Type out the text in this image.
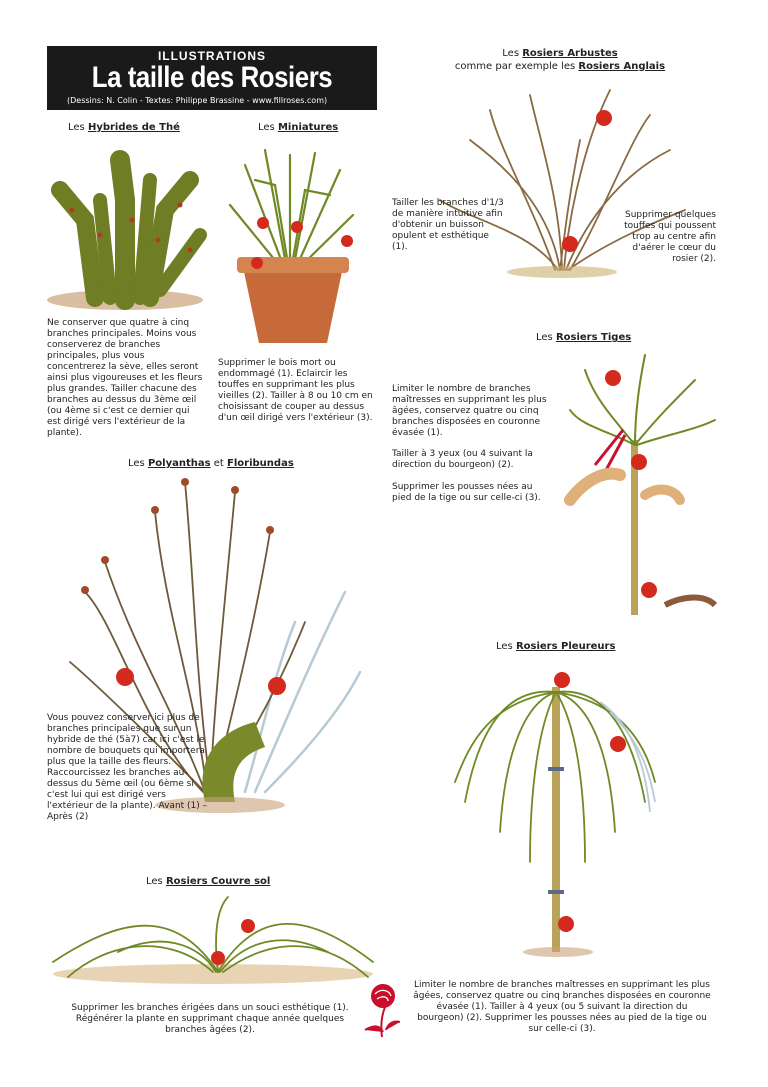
ILLUSTRATIONS
La taille des Rosiers
(Dessins: N. Colin - Textes: Philippe Brassine - www.fillroses.com)
Les Hybrides de Thé
Ne conserver que quatre à cinq branches principales. Moins vous conserverez de branches principales, plus vous concentrerez la sève, elles seront ainsi plus vigoureuses et les fleurs plus grandes. Tailler chacune des branches au dessus du 3ème œil (ou 4ème si c'est ce dernier qui est dirigé vers l'extérieur de la plante).
Les Miniatures
Supprimer le bois mort ou endommagé (1). Eclaircir les touffes en supprimant les plus vieilles (2). Tailler à 8 ou 10 cm en choisissant de couper au dessus d'un œil dirigé vers l'extérieur (3).
Les Rosiers Arbustes
comme par exemple les Rosiers Anglais
Tailler les branches d'1/3 de manière intuitive afin d'obtenir un buisson opulent et esthétique (1).
Supprimer quelques touffes qui poussent trop au centre afin d'aérer le cœur du rosier (2).
Les Rosiers Tiges
Limiter le nombre de branches maîtresses en supprimant les plus âgées, conservez quatre ou cinq branches disposées en couronne évasée (1).
Tailler à 3 yeux (ou 4 suivant la direction du bourgeon) (2).
Supprimer les pousses nées au pied de la tige ou sur celle-ci (3).
Les Polyanthas et Floribundas
Vous pouvez conserver ici plus de branches principales que sur un hybride de thé (5à7) car ici c'est le nombre de bouquets qui importera plus que la taille des fleurs. Raccourcissez les branches au-dessus du 5ème œil (ou 6ème si c'est lui qui est dirigé vers l'extérieur de la plante). Avant (1) – Après (2)
Les Rosiers Pleureurs
Limiter le nombre de branches maîtresses en supprimant les plus âgées, conservez quatre ou cinq branches disposées en couronne évasée (1). Tailler à 4 yeux (ou 5 suivant la direction du bourgeon) (2). Supprimer les pousses nées au pied de la tige ou sur celle-ci (3).
Les Rosiers Couvre sol
Supprimer les branches érigées dans un souci esthétique (1). Régénérer la plante en supprimant chaque année quelques branches âgées (2).
